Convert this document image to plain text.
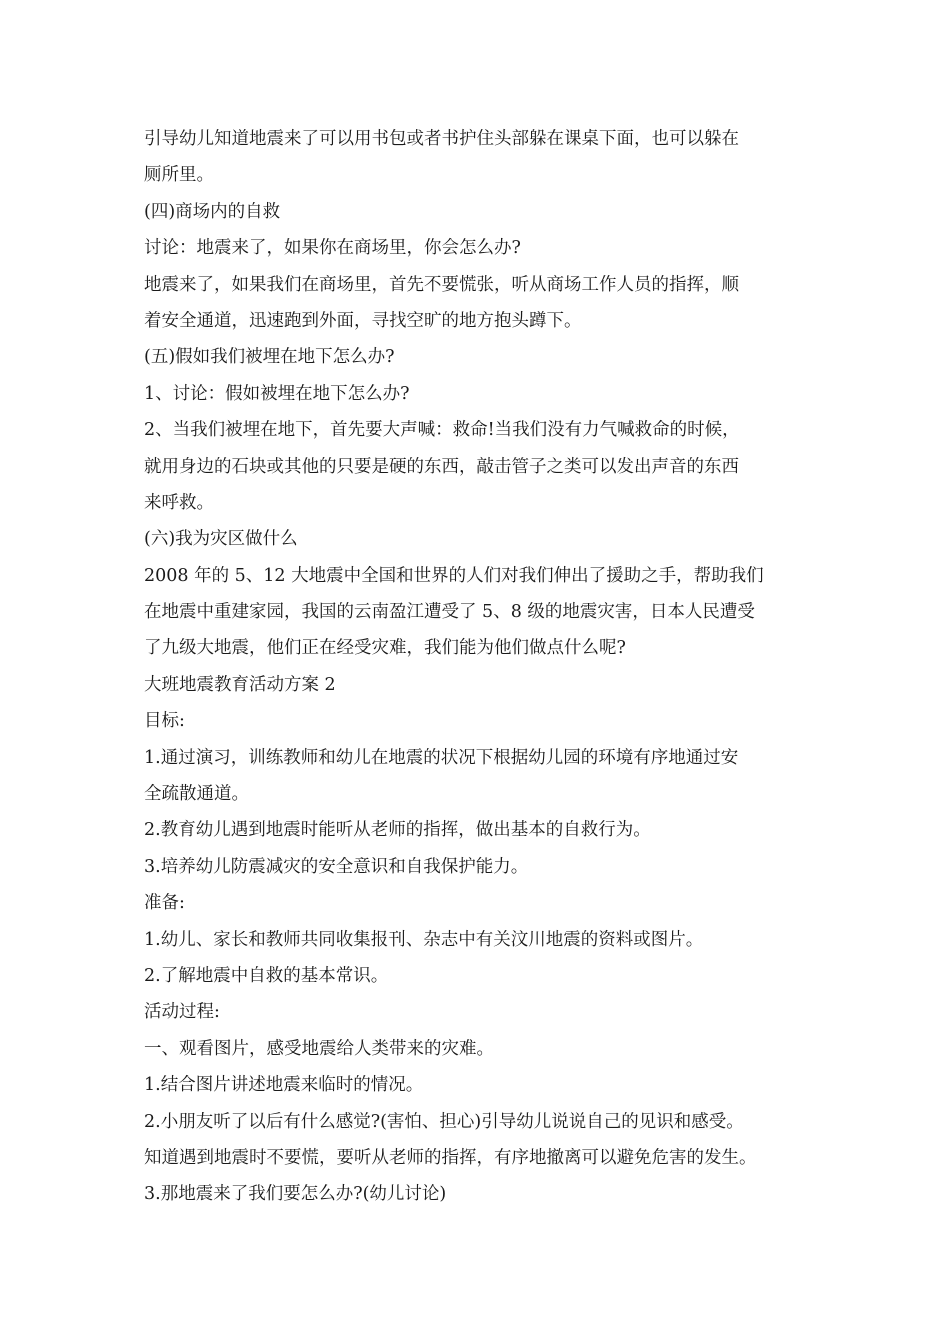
引导幼儿知道地震来了可以用书包或者书护住头部躲在课桌下面，也可以躲在
厕所里。
(四)商场内的自救
讨论：地震来了，如果你在商场里，你会怎么办?
地震来了，如果我们在商场里，首先不要慌张，听从商场工作人员的指挥，顺
着安全通道，迅速跑到外面，寻找空旷的地方抱头蹲下。
(五)假如我们被埋在地下怎么办?
1、讨论：假如被埋在地下怎么办?
2、当我们被埋在地下，首先要大声喊：救命!当我们没有力气喊救命的时候，
就用身边的石块或其他的只要是硬的东西，敲击管子之类可以发出声音的东西
来呼救。
(六)我为灾区做什么
2008 年的 5、12 大地震中全国和世界的人们对我们伸出了援助之手，帮助我们
在地震中重建家园，我国的云南盈江遭受了 5、8 级的地震灾害，日本人民遭受
了九级大地震，他们正在经受灾难，我们能为他们做点什么呢?
大班地震教育活动方案 2
目标:
1.通过演习，训练教师和幼儿在地震的状况下根据幼儿园的环境有序地通过安
全疏散通道。
2.教育幼儿遇到地震时能听从老师的指挥，做出基本的自救行为。
3.培养幼儿防震减灾的安全意识和自我保护能力。
准备:
1.幼儿、家长和教师共同收集报刊、杂志中有关汶川地震的资料或图片。
2.了解地震中自救的基本常识。
活动过程:
一、观看图片，感受地震给人类带来的灾难。
1.结合图片讲述地震来临时的情况。
2.小朋友听了以后有什么感觉?(害怕、担心)引导幼儿说说自己的见识和感受。
知道遇到地震时不要慌，要听从老师的指挥，有序地撤离可以避免危害的发生。
3.那地震来了我们要怎么办?(幼儿讨论)
